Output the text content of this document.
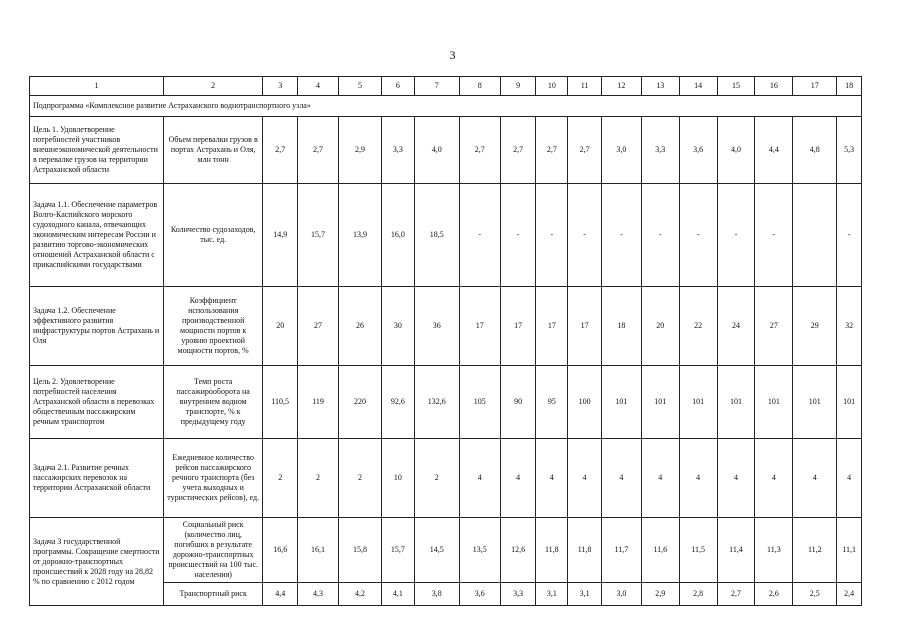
3
1	2	3	4	5	6	7	8	9	10	11	12	13	14	15	16	17	18
Подпрограмма «Комплексное развитие Астраханского воднотранспортного узла»																	
Цель 1. Удовлетворение потребностей участников внешнеэкономической деятельности в перевалке грузов на территории Астраханской области	Объем перевалки грузов в портах Астрахань и Оля, млн тонн	2,7	2,7	2,9	3,3	4,0	2,7	2,7	2,7	2,7	3,0	3,3	3,6	4,0	4,4	4,8	5,3
Задача 1.1. Обеспечение параметров Волго-Каспийского морского судоходного канала, отвечающих экономическим интересам России и развитию торгово-экономических отношений Астраханской области с прикаспийскими государствами	Количество судозаходов, тыс. ед.	14,9	15,7	13,9	16,0	18,5	-	-	-	-	-	-	-	-	-		-
Задача 1.2. Обеспечение эффективного развития инфраструктуры портов Астрахань и Оля	Коэффициент использования производственной мощности портов к уровню проектной мощности портов, %	20	27	26	30	36	17	17	17	17	18	20	22	24	27	29	32
Цель 2. Удовлетворение потребностей населения Астраханской области в перевозках общественным пассажирским речным транспортом	Темп роста пассажирооборота на внутреннем водном транспорте, % к предыдущему году	110,5	119	220	92,6	132,6	105	90	95	100	101	101	101	101	101	101	101
Задача 2.1. Развитие речных пассажирских перевозок на территории Астраханской области	Ежедневное количество рейсов пассажирского речного транспорта (без учета выходных и туристических рейсов), ед.	2	2	2	10	2	4	4	4	4	4	4	4	4	4	4	4
Задача 3 государственной программы. Сокращение смертности от дорожно-транспортных происшествий к 2028 году на 28,82 % по сравнению с 2012 годом	Социальный риск (количество лиц, погибших в результате дорожно-транспортных происшествий на 100 тыс. населения)	16,6	16,1	15,8	15,7	14,5	13,5	12,6	11,8	11,8	11,7	11,6	11,5	11,4	11,3	11,2	11,1
	Транспортный риск	4,4	4,3	4,2	4,1	3,8	3,6	3,3	3,1	3,1	3,0	2,9	2,8	2,7	2,6	2,5	2,4
